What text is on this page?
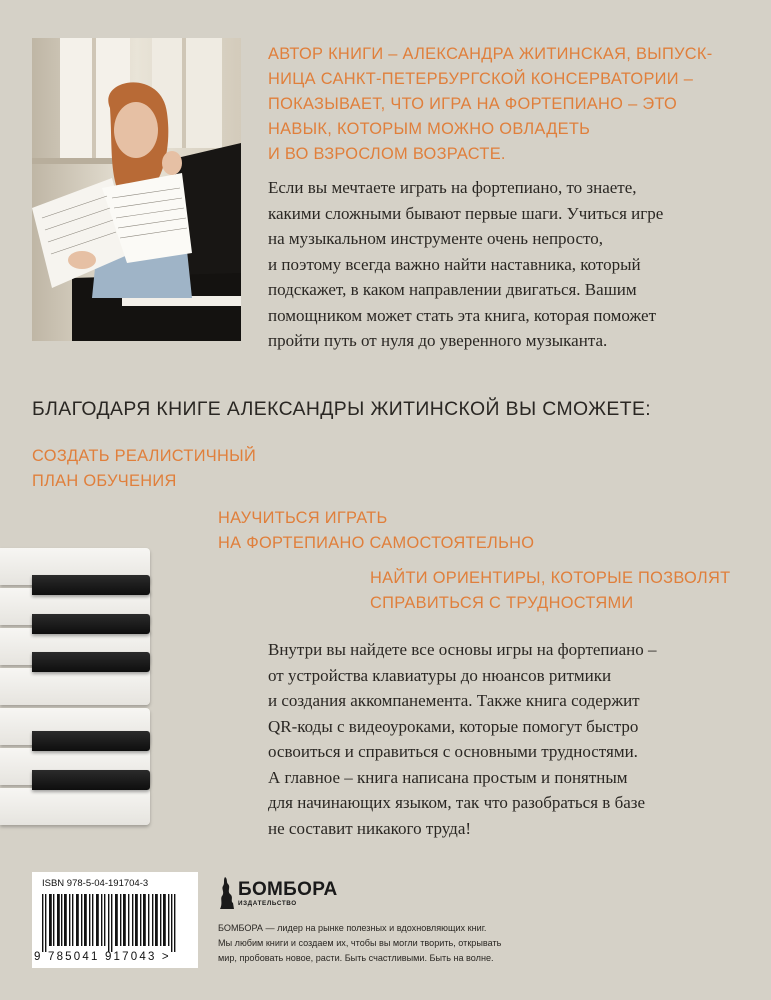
АВТОР КНИГИ – АЛЕКСАНДРА ЖИТИНСКАЯ, ВЫПУСК-
НИЦА САНКТ-ПЕТЕРБУРГСКОЙ КОНСЕРВАТОРИИ –
ПОКАЗЫВАЕТ, ЧТО ИГРА НА ФОРТЕПИАНО – ЭТО
НАВЫК, КОТОРЫМ МОЖНО ОВЛАДЕТЬ
И ВО ВЗРОСЛОМ ВОЗРАСТЕ.
Если вы мечтаете играть на фортепиано, то знаете,
какими сложными бывают первые шаги. Учиться игре
на музыкальном инструменте очень непросто,
и поэтому всегда важно найти наставника, который
подскажет, в каком направлении двигаться. Вашим
помощником может стать эта книга, которая поможет
пройти путь от нуля до уверенного музыканта.
БЛАГОДАРЯ КНИГЕ АЛЕКСАНДРЫ ЖИТИНСКОЙ ВЫ СМОЖЕТЕ:
СОЗДАТЬ РЕАЛИСТИЧНЫЙ
ПЛАН ОБУЧЕНИЯ
НАУЧИТЬСЯ ИГРАТЬ
НА ФОРТЕПИАНО САМОСТОЯТЕЛЬНО
НАЙТИ ОРИЕНТИРЫ, КОТОРЫЕ ПОЗВОЛЯТ
СПРАВИТЬСЯ С ТРУДНОСТЯМИ
Внутри вы найдете все основы игры на фортепиано –
от устройства клавиатуры до нюансов ритмики
и создания аккомпанемента. Также книга содержит
QR-коды с видеоуроками, которые помогут быстро
освоиться и справиться с основными трудностями.
А главное – книга написана простым и понятным
для начинающих языком, так что разобраться в базе
не составит никакого труда!
ISBN 978-5-04-191704-3
9 785041 917043 >
БОМБОРА
ИЗДАТЕЛЬСТВО
БОМБОРА — лидер на рынке полезных и вдохновляющих книг.
Мы любим книги и создаем их, чтобы вы могли творить, открывать
мир, пробовать новое, расти. Быть счастливыми. Быть на волне.
